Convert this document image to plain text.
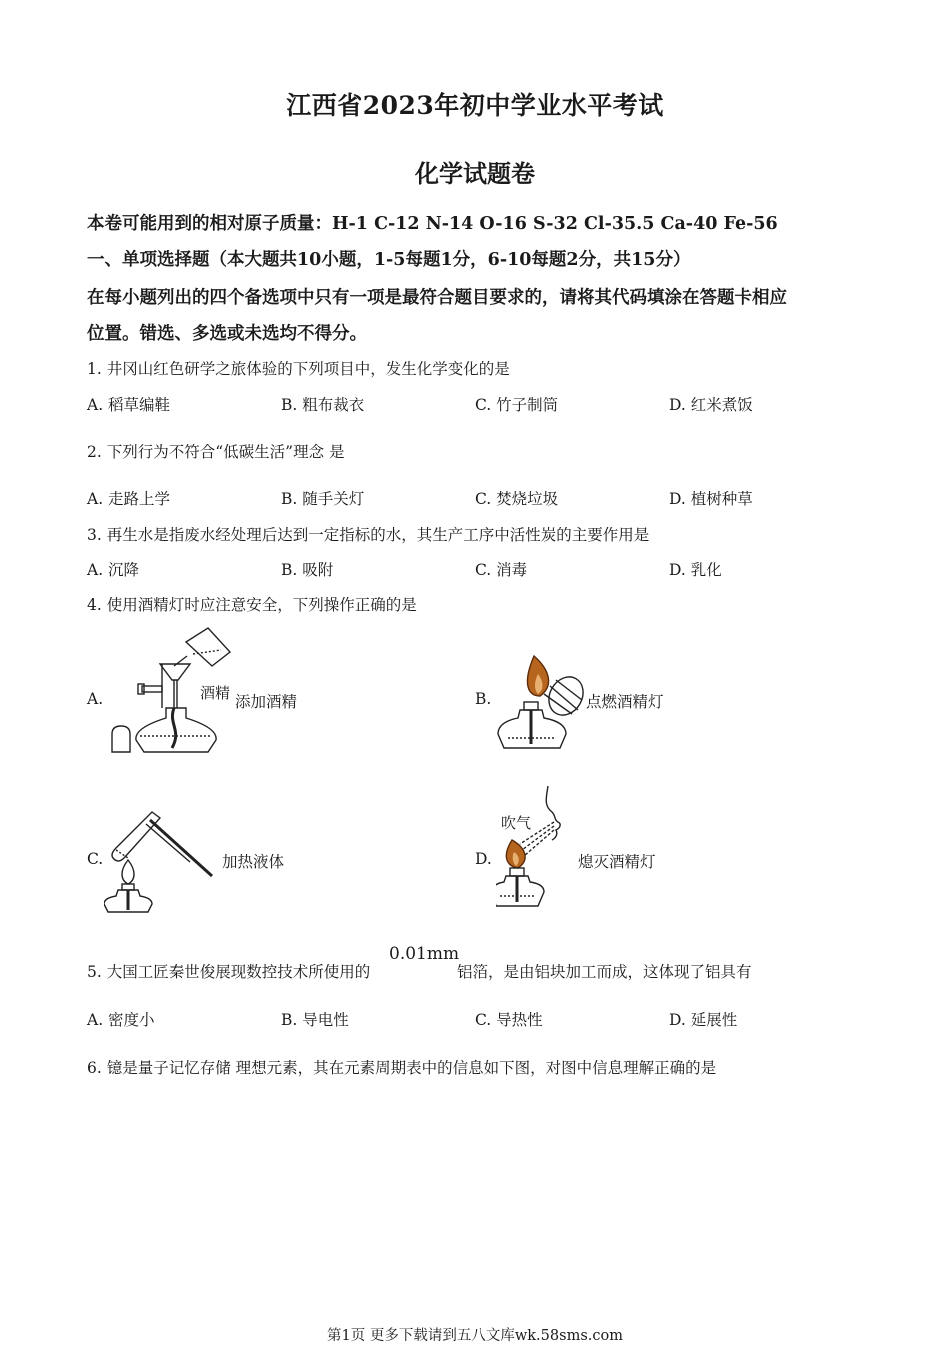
江西省2023年初中学业水平考试
化学试题卷
本卷可能用到的相对原子质量：H-1 C-12 N-14 O-16 S-32 Cl-35.5 Ca-40 Fe-56
一、单项选择题（本大题共10小题，1-5每题1分，6-10每题2分，共15分）
在每小题列出的四个备选项中只有一项是最符合题目要求的，请将其代码填涂在答题卡相应
位置。错选、多选或未选均不得分。
1. 井冈山红色研学之旅体验的下列项目中，发生化学变化的是
A. 稻草编鞋	B. 粗布裁衣	C. 竹子制筒	D. 红米煮饭
2. 下列行为不符合“低碳生活”理念 是
A. 走路上学	B. 随手关灯	C. 焚烧垃圾	D. 植树种草
3. 再生水是指废水经处理后达到一定指标的水，其生产工序中活性炭的主要作用是
A. 沉降	B. 吸附	C. 消毒	D. 乳化
4. 使用酒精灯时应注意安全，下列操作正确的是
A.	酒精 添加酒精	B.	点燃酒精灯
C.	加热液体	D.
吹气
熄灭酒精灯
5. 大国工匠秦世俊展现数控技术所使用的
0.01mm
铝箔，是由铝块加工而成，这体现了铝具有
A. 密度小	B. 导电性	C. 导热性	D. 延展性
6. 镱是量子记忆存储 理想元素，其在元素周期表中的信息如下图，对图中信息理解正确的是
第1页 更多下载请到五八文库wk.58sms.com
